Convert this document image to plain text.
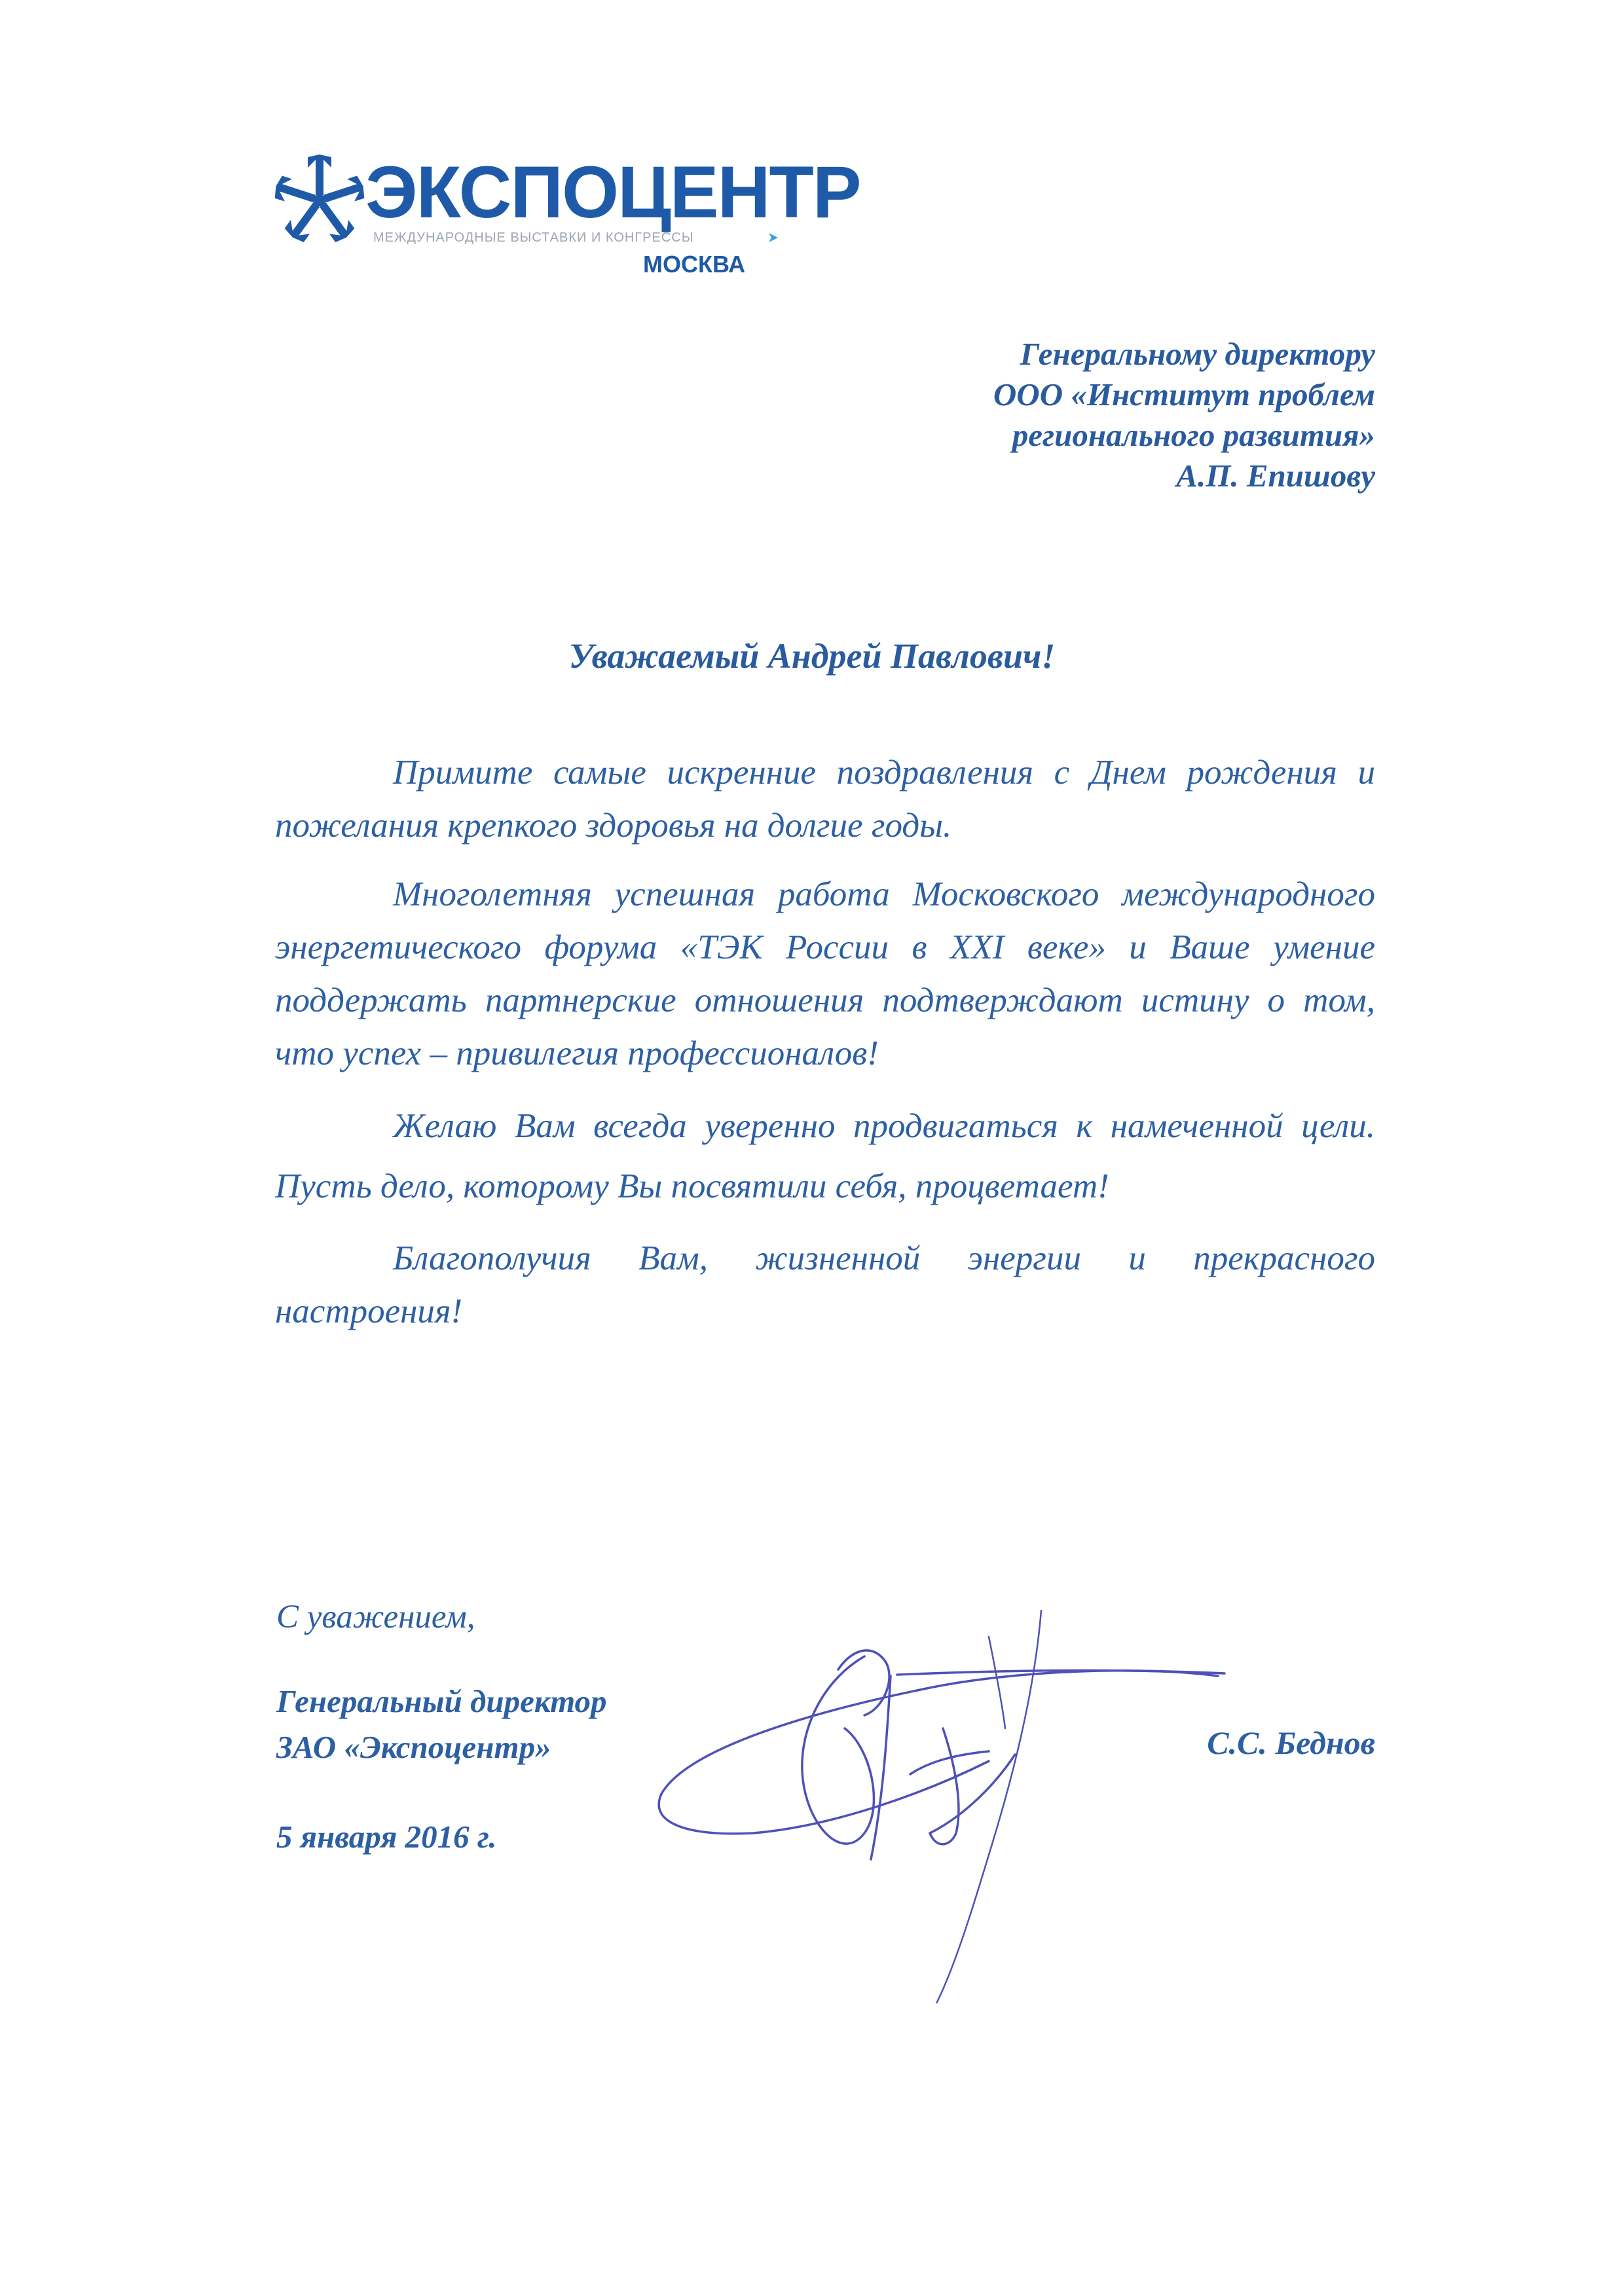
ЭКСПОЦЕНТР
МЕЖДУНАРОДНЫЕ ВЫСТАВКИ И КОНГРЕССЫ
МОСКВА
Генеральному директору
ООО «Институт проблем
регионального развития»
А.П. Епишову
Уважаемый Андрей Павлович!

Примите самые искренние поздравления с Днем рождения и пожелания крепкого здоровья на долгие годы.

Многолетняя успешная работа Московского международного энергетического форума «ТЭК России в XXI веке» и Ваше умение поддержать партнерские отношения подтверждают истину о том, что успех – привилегия профессионалов!

Желаю Вам всегда уверенно продвигаться к намеченной цели. Пусть дело, которому Вы посвятили себя, процветает!

Благополучия Вам, жизненной энергии и прекрасного настроения!

С уважением,
Генеральный директор
ЗАО «Экспоцентр»	С.С. Беднов
5 января 2016 г.
